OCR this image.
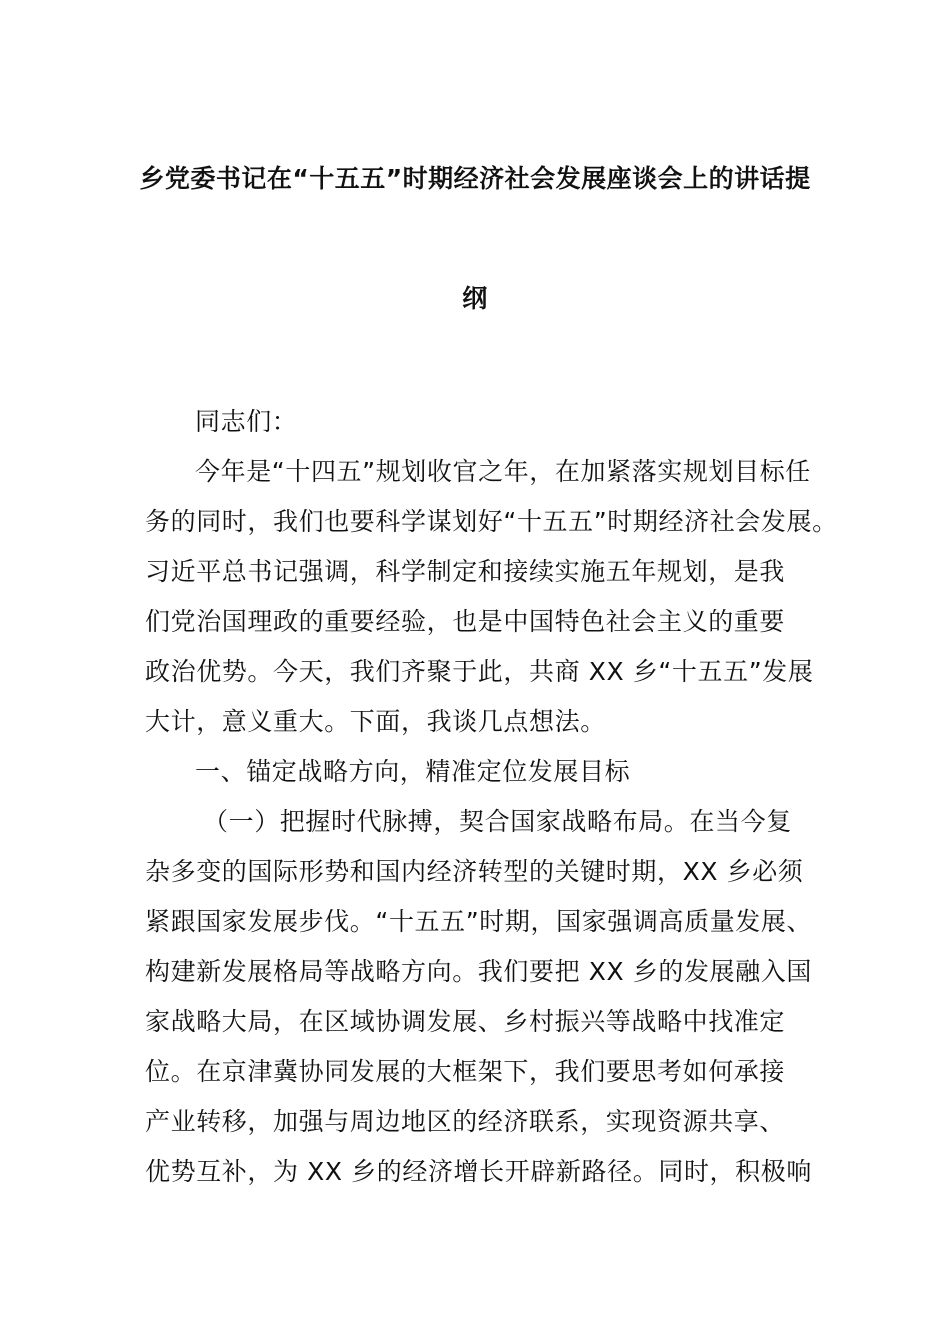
乡党委书记在“十五五”时期经济社会发展座谈会上的讲话提
纲
同志们：
今年是“十四五”规划收官之年，在加紧落实规划目标任
务的同时，我们也要科学谋划好“十五五”时期经济社会发展。
习近平总书记强调，科学制定和接续实施五年规划，是我
们党治国理政的重要经验，也是中国特色社会主义的重要
政治优势。今天，我们齐聚于此，共商 XX 乡“十五五”发展
大计，意义重大。下面，我谈几点想法。
一、锚定战略方向，精准定位发展目标
（一）把握时代脉搏，契合国家战略布局。在当今复
杂多变的国际形势和国内经济转型的关键时期，XX 乡必须
紧跟国家发展步伐。“十五五”时期，国家强调高质量发展、
构建新发展格局等战略方向。我们要把 XX 乡的发展融入国
家战略大局，在区域协调发展、乡村振兴等战略中找准定
位。在京津冀协同发展的大框架下，我们要思考如何承接
产业转移，加强与周边地区的经济联系，实现资源共享、
优势互补，为 XX 乡的经济增长开辟新路径。同时，积极响
